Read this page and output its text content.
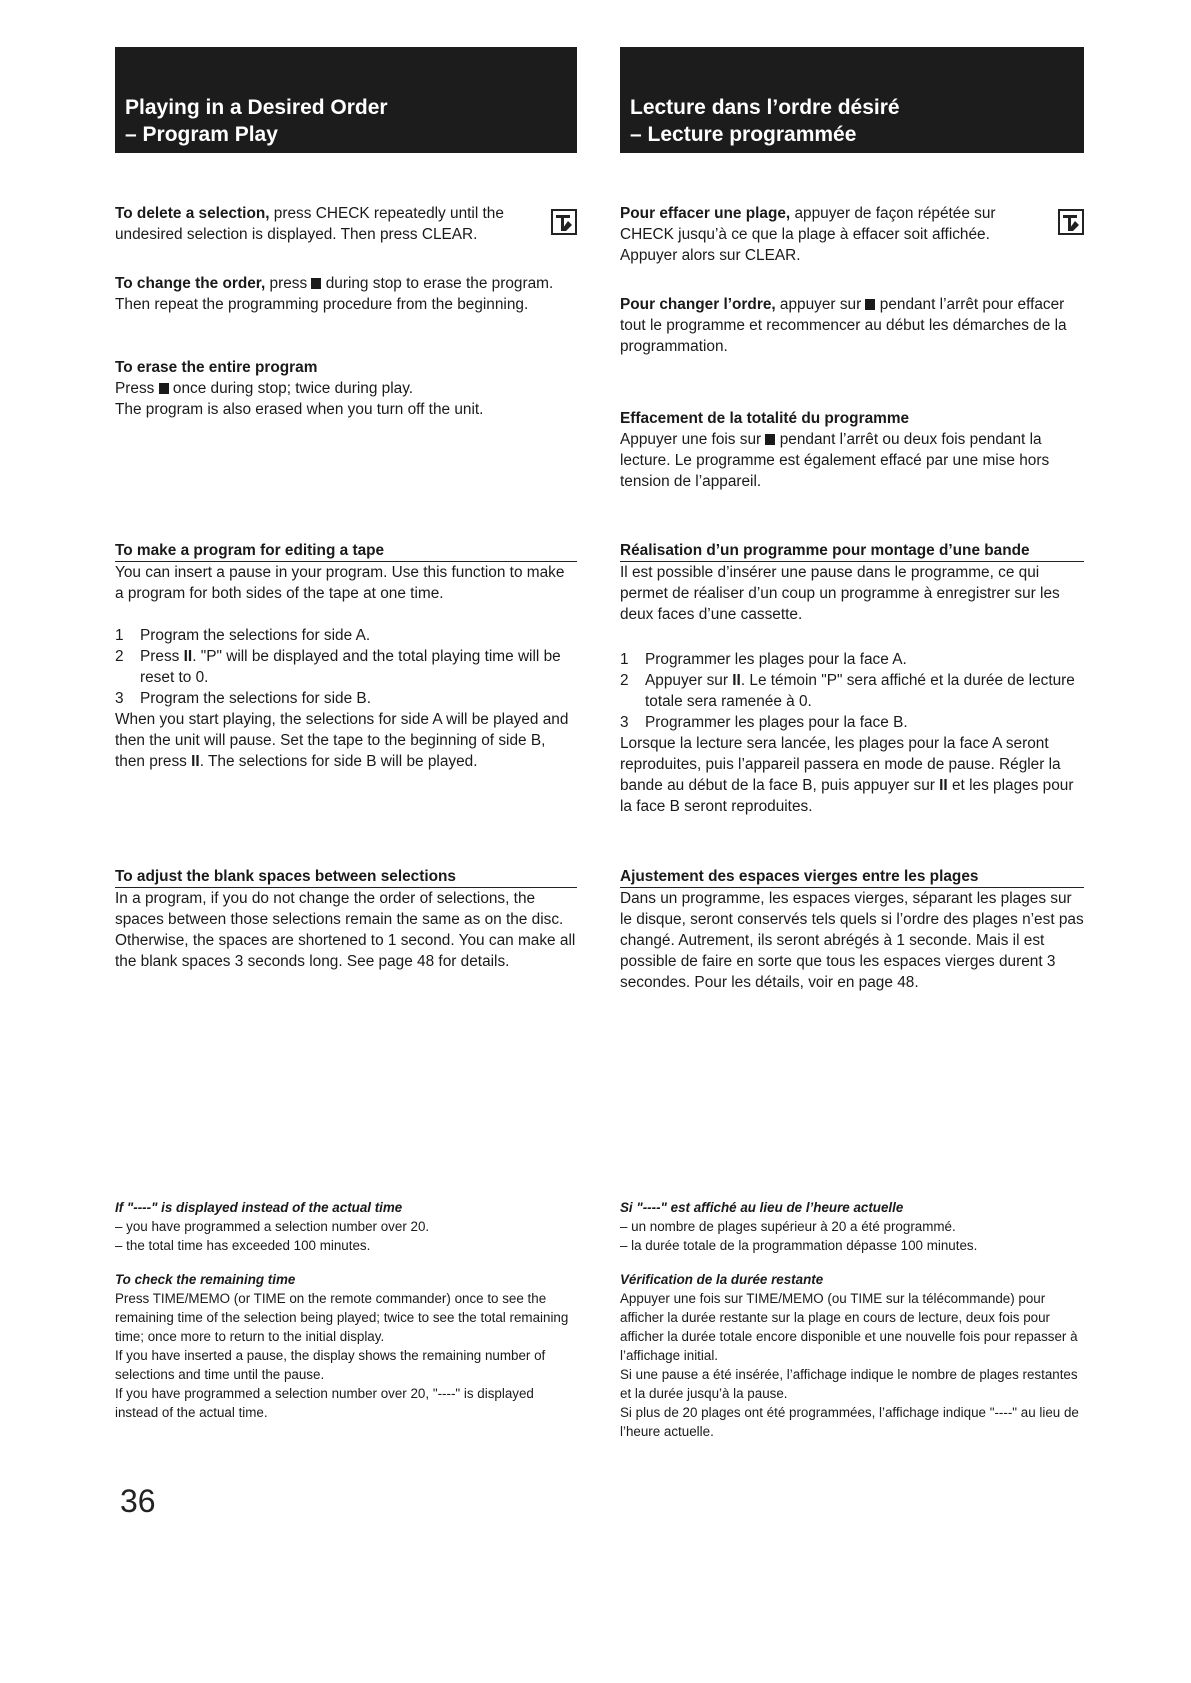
Playing in a Desired Order
– Program Play

To delete a selection, press CHECK repeatedly until the undesired selection is displayed. Then press CLEAR.

To change the order, press  during stop to erase the program. Then repeat the programming procedure from the beginning.

To erase the entire program

Press  once during stop; twice during play.

The program is also erased when you turn off the unit.

To make a program for editing a tape

You can insert a pause in your program. Use this function to make a program for both sides of the tape at one time.

1 Program the selections for side A.
2 Press II. "P" will be displayed and the total playing time will be reset to 0.
3 Program the selections for side B.

When you start playing, the selections for side A will be played and then the unit will pause. Set the tape to the beginning of side B, then press II. The selections for side B will be played.

To adjust the blank spaces between selections

In a program, if you do not change the order of selections, the spaces between those selections remain the same as on the disc. Otherwise, the spaces are shortened to 1 second. You can make all the blank spaces 3 seconds long. See page 48 for details.

If "----" is displayed instead of the actual time

– you have programmed a selection number over 20.

– the total time has exceeded 100 minutes.

To check the remaining time

Press TIME/MEMO (or TIME on the remote commander) once to see the remaining time of the selection being played; twice to see the total remaining time; once more to return to the initial display.

If you have inserted a pause, the display shows the remaining number of selections and time until the pause.

If you have programmed a selection number over 20, "----" is displayed instead of the actual time.

Lecture dans l’ordre désiré
– Lecture programmée

Pour effacer une plage, appuyer de façon répétée sur CHECK jusqu’à ce que la plage à effacer soit affichée. Appuyer alors sur CLEAR.

Pour changer l’ordre, appuyer sur  pendant l’arrêt pour effacer tout le programme et recommencer au début les démarches de la programmation.

Effacement de la totalité du programme

Appuyer une fois sur  pendant l’arrêt ou deux fois pendant la lecture. Le programme est également effacé par une mise hors tension de l’appareil.

Réalisation d’un programme pour montage d’une bande

Il est possible d’insérer une pause dans le programme, ce qui permet de réaliser d’un coup un programme à enregistrer sur les deux faces d’une cassette.

1 Programmer les plages pour la face A.
2 Appuyer sur II. Le témoin "P" sera affiché et la durée de lecture totale sera ramenée à 0.
3 Programmer les plages pour la face B.

Lorsque la lecture sera lancée, les plages pour la face A seront reproduites, puis l’appareil passera en mode de pause. Régler la bande au début de la face B, puis appuyer sur II et les plages pour la face B seront reproduites.

Ajustement des espaces vierges entre les plages

Dans un programme, les espaces vierges, séparant les plages sur le disque, seront conservés tels quels si l’ordre des plages n’est pas changé. Autrement, ils seront abrégés à 1 seconde. Mais il est possible de faire en sorte que tous les espaces vierges durent 3 secondes. Pour les détails, voir en page 48.

Si "----" est affiché au lieu de l’heure actuelle

– un nombre de plages supérieur à 20 a été programmé.

– la durée totale de la programmation dépasse 100 minutes.

Vérification de la durée restante

Appuyer une fois sur TIME/MEMO (ou TIME sur la télécommande) pour afficher la durée restante sur la plage en cours de lecture, deux fois pour afficher la durée totale encore disponible et une nouvelle fois pour repasser à l’affichage initial.

Si une pause a été insérée, l’affichage indique le nombre de plages restantes et la durée jusqu’à la pause.

Si plus de 20 plages ont été programmées, l’affichage indique "----" au lieu de l’heure actuelle.

36
